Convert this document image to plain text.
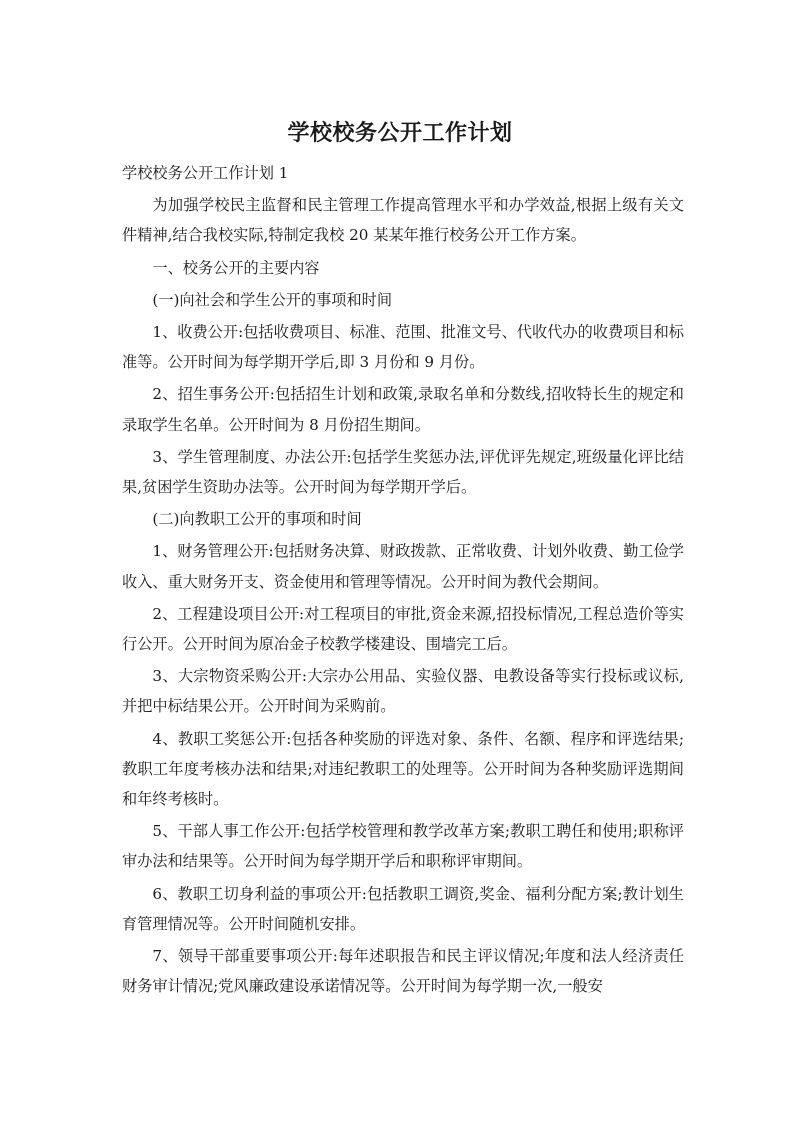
学校校务公开工作计划

学校校务公开工作计划 1

为加强学校民主监督和民主管理工作提高管理水平和办学效益,根据上级有关文件精神,结合我校实际,特制定我校 20 某某年推行校务公开工作方案。

一、校务公开的主要内容

(一)向社会和学生公开的事项和时间

1、收费公开:包括收费项目、标准、范围、批准文号、代收代办的收费项目和标准等。公开时间为每学期开学后,即 3 月份和 9 月份。

2、招生事务公开:包括招生计划和政策,录取名单和分数线,招收特长生的规定和录取学生名单。公开时间为 8 月份招生期间。

3、学生管理制度、办法公开:包括学生奖惩办法,评优评先规定,班级量化评比结果,贫困学生资助办法等。公开时间为每学期开学后。

(二)向教职工公开的事项和时间

1、财务管理公开:包括财务决算、财政拨款、正常收费、计划外收费、勤工俭学收入、重大财务开支、资金使用和管理等情况。公开时间为教代会期间。

2、工程建设项目公开:对工程项目的审批,资金来源,招投标情况,工程总造价等实行公开。公开时间为原冶金子校教学楼建设、围墙完工后。

3、大宗物资采购公开:大宗办公用品、实验仪器、电教设备等实行投标或议标,并把中标结果公开。公开时间为采购前。

4、教职工奖惩公开:包括各种奖励的评选对象、条件、名额、程序和评选结果;教职工年度考核办法和结果;对违纪教职工的处理等。公开时间为各种奖励评选期间和年终考核时。

5、干部人事工作公开:包括学校管理和教学改革方案;教职工聘任和使用;职称评审办法和结果等。公开时间为每学期开学后和职称评审期间。

6、教职工切身利益的事项公开:包括教职工调资,奖金、福利分配方案;教计划生育管理情况等。公开时间随机安排。

7、领导干部重要事项公开:每年述职报告和民主评议情况;年度和法人经济责任财务审计情况;党风廉政建设承诺情况等。公开时间为每学期一次,一般安
